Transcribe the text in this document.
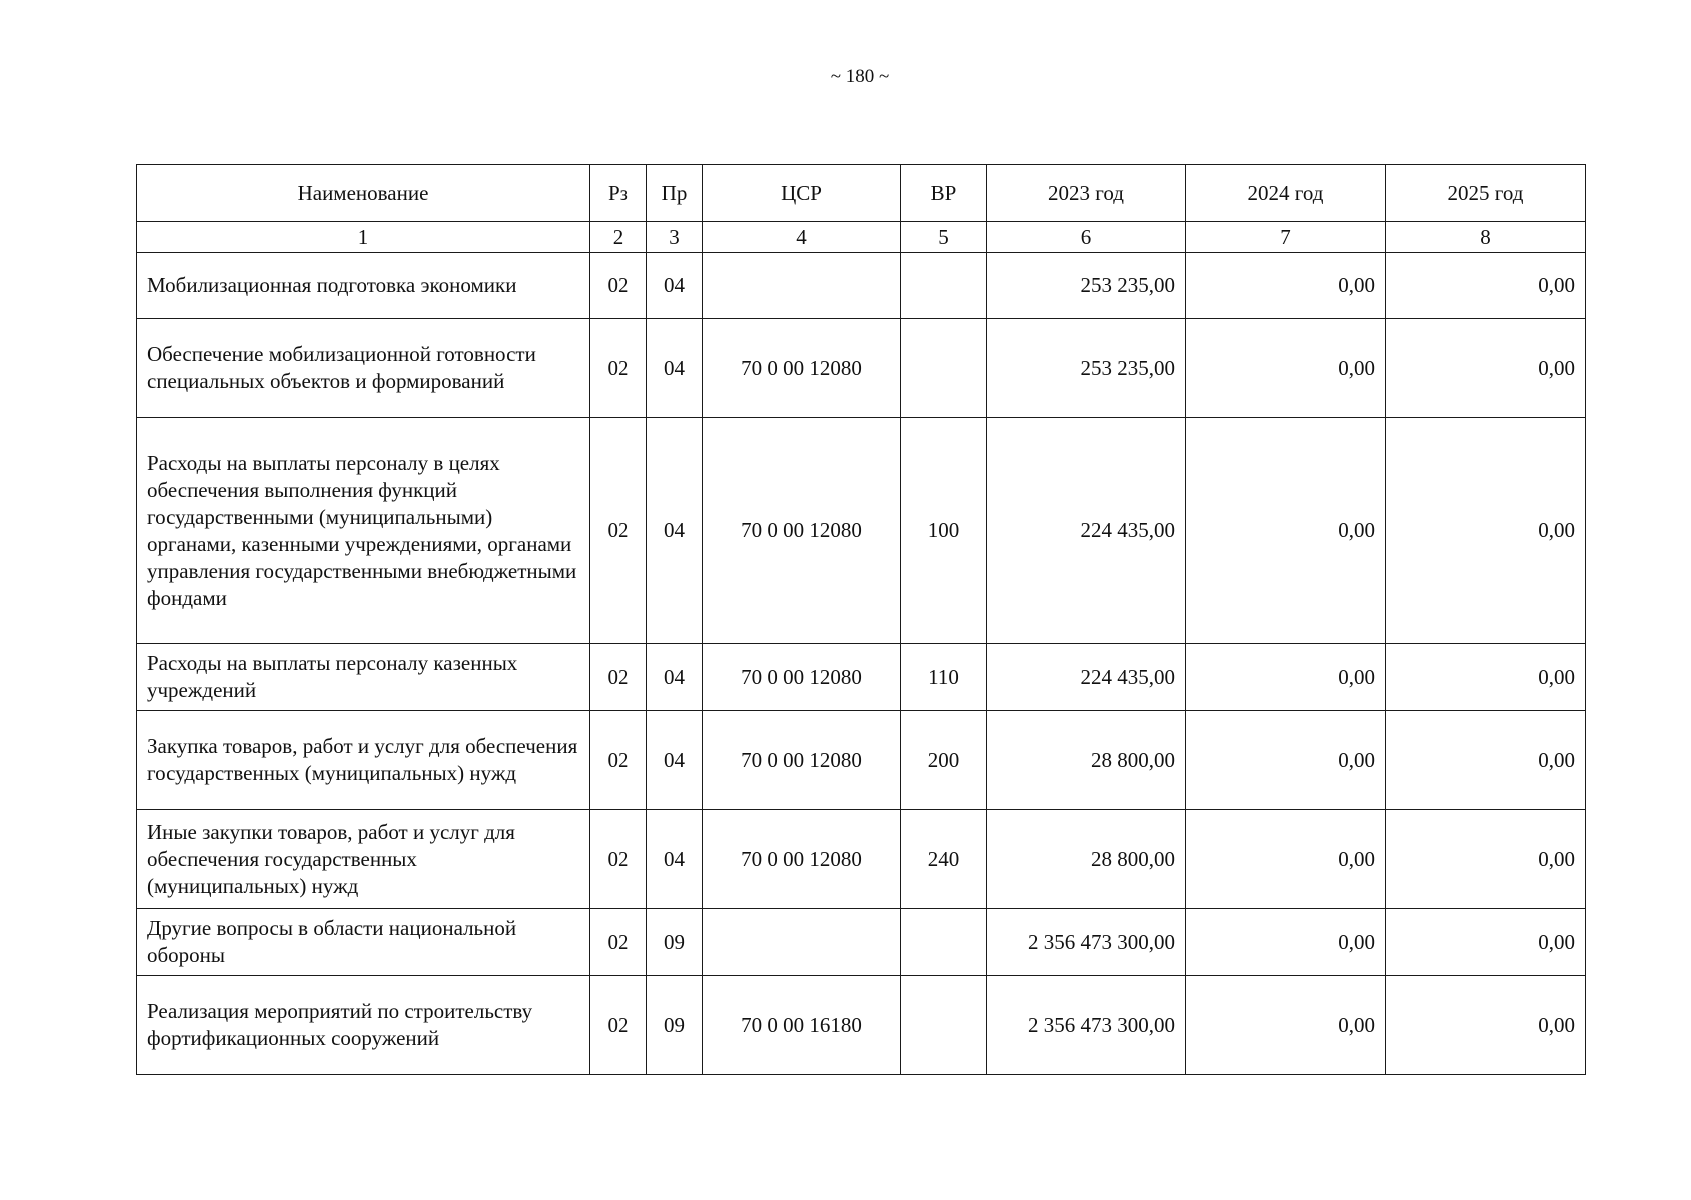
~ 180 ~
Наименование	Рз	Пр	ЦСР	ВР	2023 год	2024 год	2025 год
1	2	3	4	5	6	7	8
Мобилизационная подготовка экономики	02	04			253 235,00	0,00	0,00
Обеспечение мобилизационной готовности специальных объектов и формирований	02	04	70 0 00 12080		253 235,00	0,00	0,00
Расходы на выплаты персоналу в целях обеспечения выполнения функций государственными (муниципальными) органами, казенными учреждениями, органами управления государственными внебюджетными фондами	02	04	70 0 00 12080	100	224 435,00	0,00	0,00
Расходы на выплаты персоналу казенных учреждений	02	04	70 0 00 12080	110	224 435,00	0,00	0,00
Закупка товаров, работ и услуг для обеспечения государственных (муниципальных) нужд	02	04	70 0 00 12080	200	28 800,00	0,00	0,00
Иные закупки товаров, работ и услуг для обеспечения государственных (муниципальных) нужд	02	04	70 0 00 12080	240	28 800,00	0,00	0,00
Другие вопросы в области национальной обороны	02	09			2 356 473 300,00	0,00	0,00
Реализация мероприятий по строительству фортификационных сооружений	02	09	70 0 00 16180		2 356 473 300,00	0,00	0,00
